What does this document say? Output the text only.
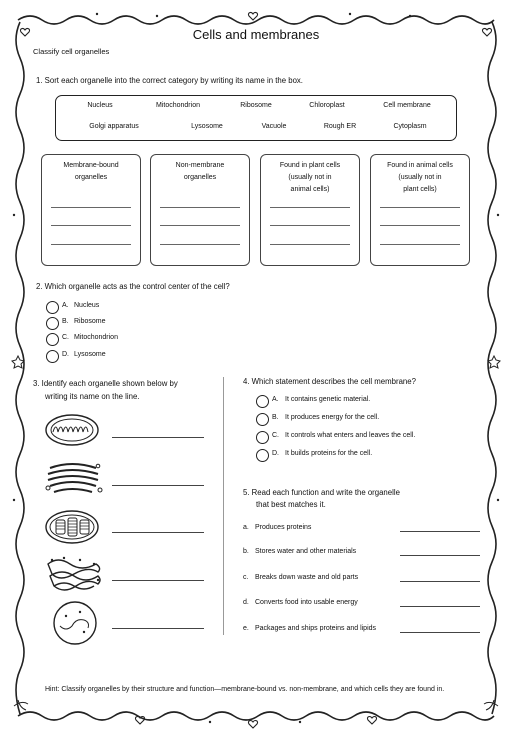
Cells and membranes
Classify cell organelles
1. Sort each organelle into the correct category by writing its name in the box.
Nucleus	Mitochondrion	Ribosome	Chloroplast	Cell membrane
Golgi apparatus	Lysosome	Vacuole	Rough ER	Cytoplasm
Membrane-bound
organelles
Non-membrane
organelles
Found in plant cells
(usually not in
animal cells)
Found in animal cells
(usually not in
plant cells)
2. Which organelle acts as the control center of the cell?
A. Nucleus
B. Ribosome
C. Mitochondrion
D. Lysosome
3. Identify each organelle shown below by
writing its name on the line.
4. Which statement describes the cell membrane?
A. It contains genetic material.
B. It produces energy for the cell.
C. It controls what enters and leaves the cell.
D. It builds proteins for the cell.
5. Read each function and write the organelle
that best matches it.
a. Produces proteins
b. Stores water and other materials
c. Breaks down waste and old parts
d. Converts food into usable energy
e. Packages and ships proteins and lipids
Hint: Classify organelles by their structure and function—membrane-bound vs. non-membrane, and which cells they are found in.
